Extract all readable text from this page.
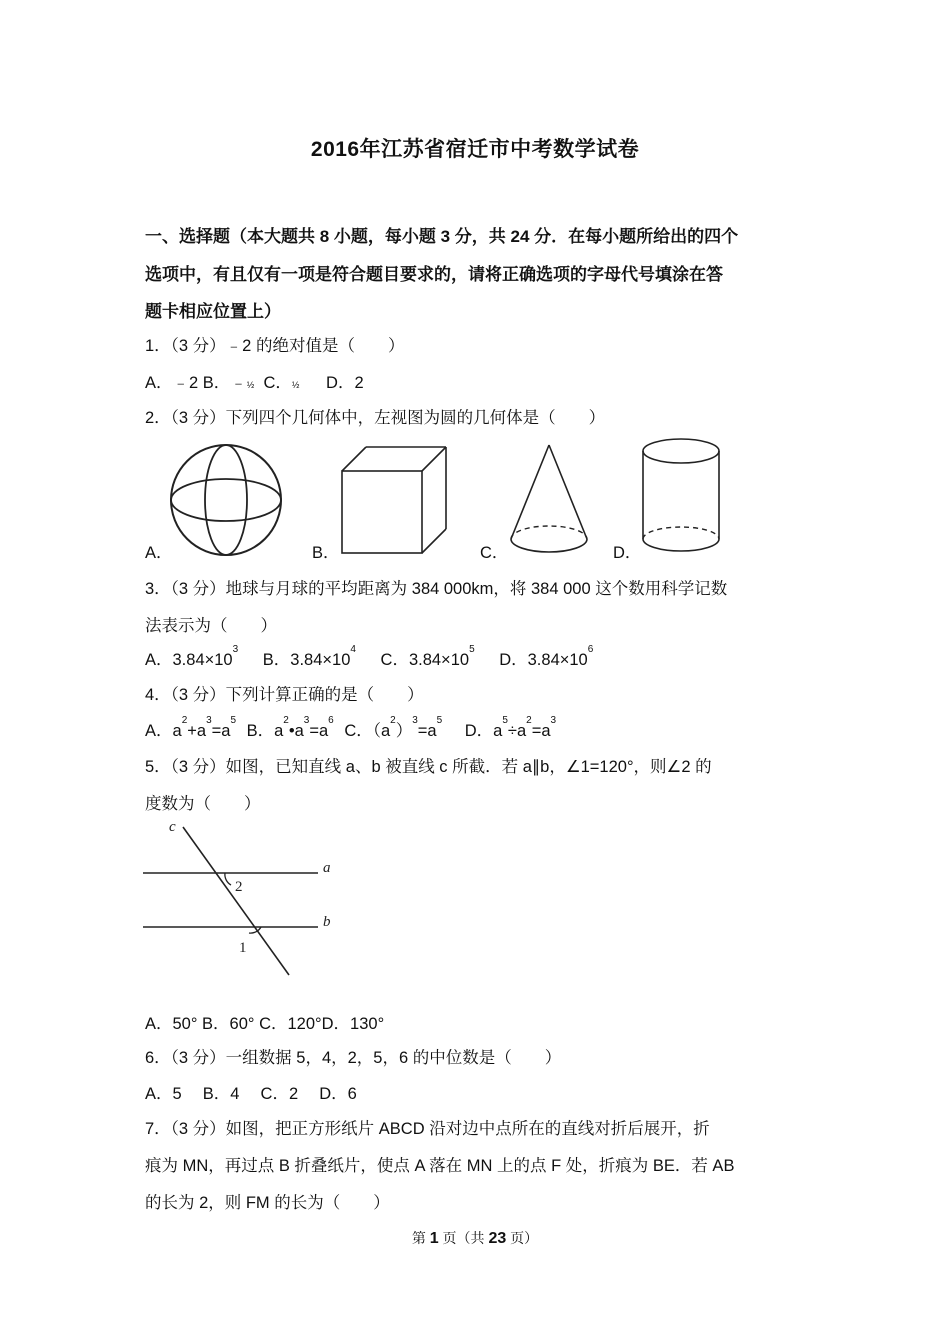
2016年江苏省宿迁市中考数学试卷
一、选择题（本大题共 8 小题，每小题 3 分，共 24 分．在每小题所给出的四个
选项中，有且仅有一项是符合题目要求的，请将正确选项的字母代号填涂在答
题卡相应位置上）
1．（3 分）﹣2 的绝对值是（　　）
A．﹣2 B．﹣½ C．½ D．2
2．（3 分）下列四个几何体中，左视图为圆的几何体是（　　）
A．	B．	C．	D．
3．（3 分）地球与月球的平均距离为 384 000km，将 384 000 这个数用科学记数
法表示为（　　）
A．$3.84\times 10^3$ B．$3.84\times 10^4$ C．$3.84\times 10^5$ D．$3.84\times 10^6$
4．（3 分）下列计算正确的是（　　）
A．$a^2+a^3=a^5$ B．$a^2•a^3=a^6$ C．$(a^2)^3=a^5$ D．$a^5\div a^2=a^3$
5．（3 分）如图，已知直线 a、b 被直线 c 所截．若 a∥b，∠1=120°，则∠2 的
度数为（　　）
c
a
b
2
1
A．50° B．60° C．120°D．130°
6．（3 分）一组数据 5，4，2，5，6 的中位数是（　　）
A．5　 B．4　 C．2　 D．6
7．（3 分）如图，把正方形纸片 ABCD 沿对边中点所在的直线对折后展开，折
痕为 MN，再过点 B 折叠纸片，使点 A 落在 MN 上的点 F 处，折痕为 BE．若 AB
的长为 2，则 FM 的长为（　　）
第 1 页（共 23 页）
